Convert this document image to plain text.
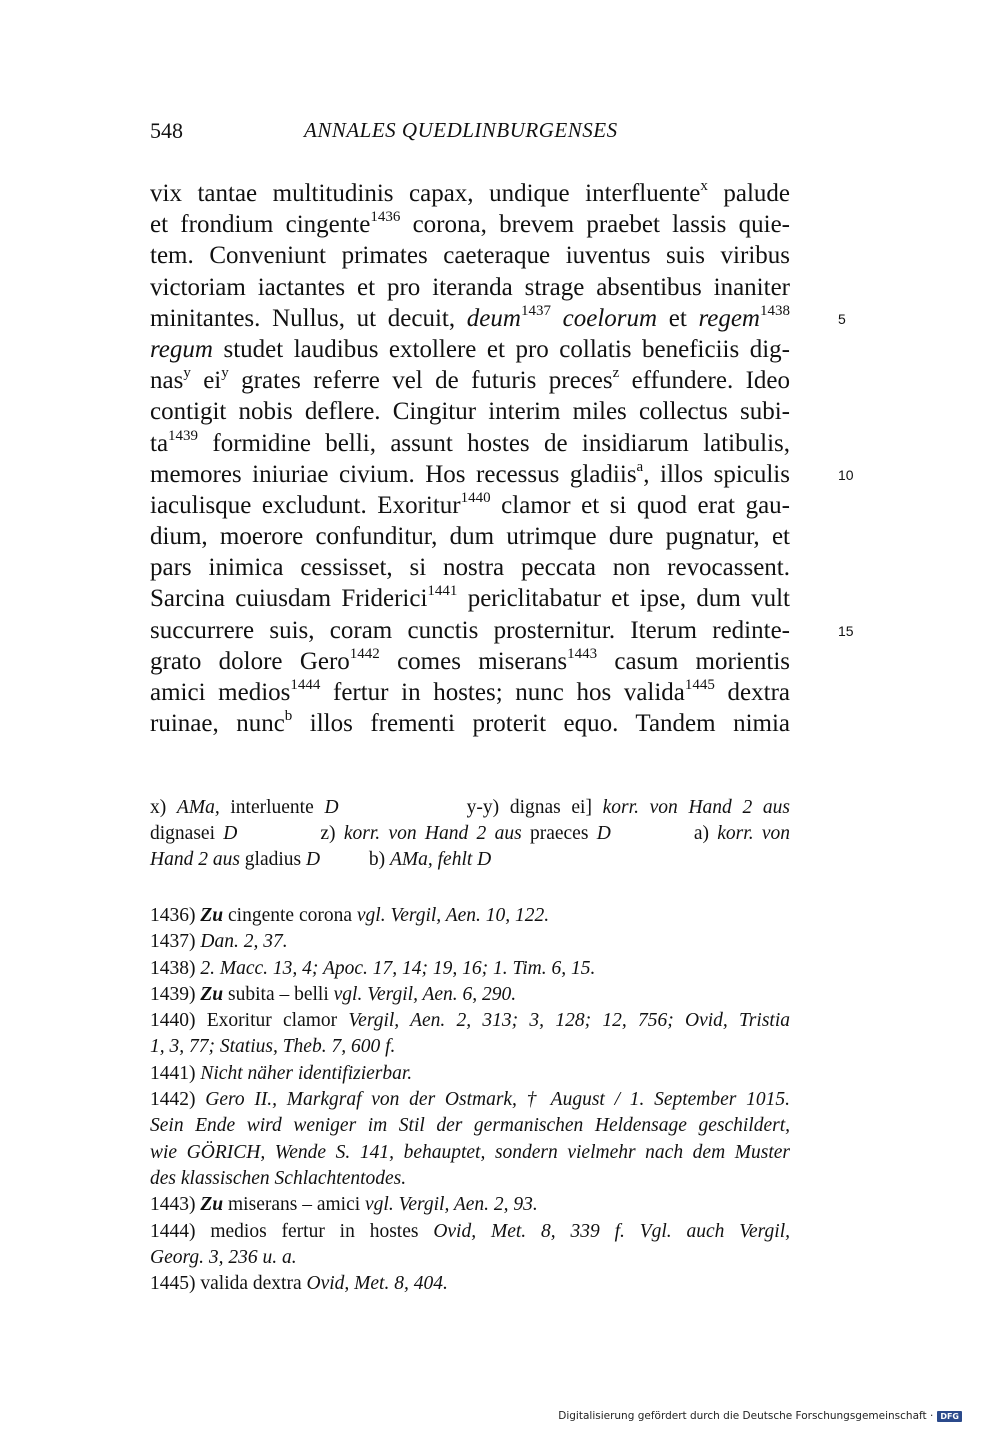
548	ANNALES QUEDLINBURGENSES
vix tantae multitudinis capax, undique interfluente$^x$ palude
et frondium cingente$^{1436}$ corona, brevem praebet lassis quie-
tem. Conveniunt primates caeteraque iuventus suis viribus
victoriam iactantes et pro iteranda strage absentibus inaniter
minitantes. Nullus, ut decuit, deum$^{1437}$ coelorum et regem$^{1438}$
regum studet laudibus extollere et pro collatis beneficiis dig-
nas$^y$ $ei^y$ grates referre vel de futuris preces$^z$ effundere. Ideo
contigit nobis deflere. Cingitur interim miles collectus subi-
$ta^{1439}$ formidine belli, assunt hostes de insidiarum latibulis,
memores iniuriae civium. Hos recessus gladiis$^a$, illos spiculis
iaculisque excludunt. Exoritur$^{1440}$ clamor et si quod erat gau-
dium, moerore confunditur, dum utrimque dure pugnatur, et
pars inimica cessisset, si nostra peccata non revocassent.
Sarcina cuiusdam Friderici$^{1441}$ periclitabatur et ipse, dum vult
succurrere suis, coram cunctis prosternitur. Iterum redinte-
grato dolore Gero$^{1442}$ comes miserans$^{1443}$ casum morientis
amici medios$^{1444}$ fertur in hostes; nunc hos valida$^{1445}$ dextra
ruinae, nunc$^b$ illos frementi proterit equo. Tandem nimia
5
10
15
x) AMa, interluente D            y-y) dignas ei] korr. von Hand 2 aus
dignasei D          z) korr. von Hand 2 aus praeces D          a) korr. von
Hand 2 aus gladius D          b) AMa, fehlt D
1436) Zu cingente corona vgl. Vergil, Aen. 10, 122.
1437) Dan. 2, 37.
1438) 2. Macc. 13, 4; Apoc. 17, 14; 19, 16; 1. Tim. 6, 15.
1439) Zu subita – belli vgl. Vergil, Aen. 6, 290.
1440) Exoritur clamor Vergil, Aen. 2, 313; 3, 128; 12, 756; Ovid, Tristia
1, 3, 77; Statius, Theb. 7, 600 f.
1441) Nicht näher identifizierbar.
1442) Gero II., Markgraf von der Ostmark, † August / 1. September 1015.
Sein Ende wird weniger im Stil der germanischen Heldensage geschildert,
wie GÖRICH, Wende S. 141, behauptet, sondern vielmehr nach dem Muster
des klassischen Schlachtentodes.
1443) Zu miserans – amici vgl. Vergil, Aen. 2, 93.
1444) medios fertur in hostes Ovid, Met. 8, 339 f. Vgl. auch Vergil,
Georg. 3, 236 u. a.
1445) valida dextra Ovid, Met. 8, 404.
Digitalisierung gefördert durch die Deutsche Forschungsgemeinschaft · DFG
